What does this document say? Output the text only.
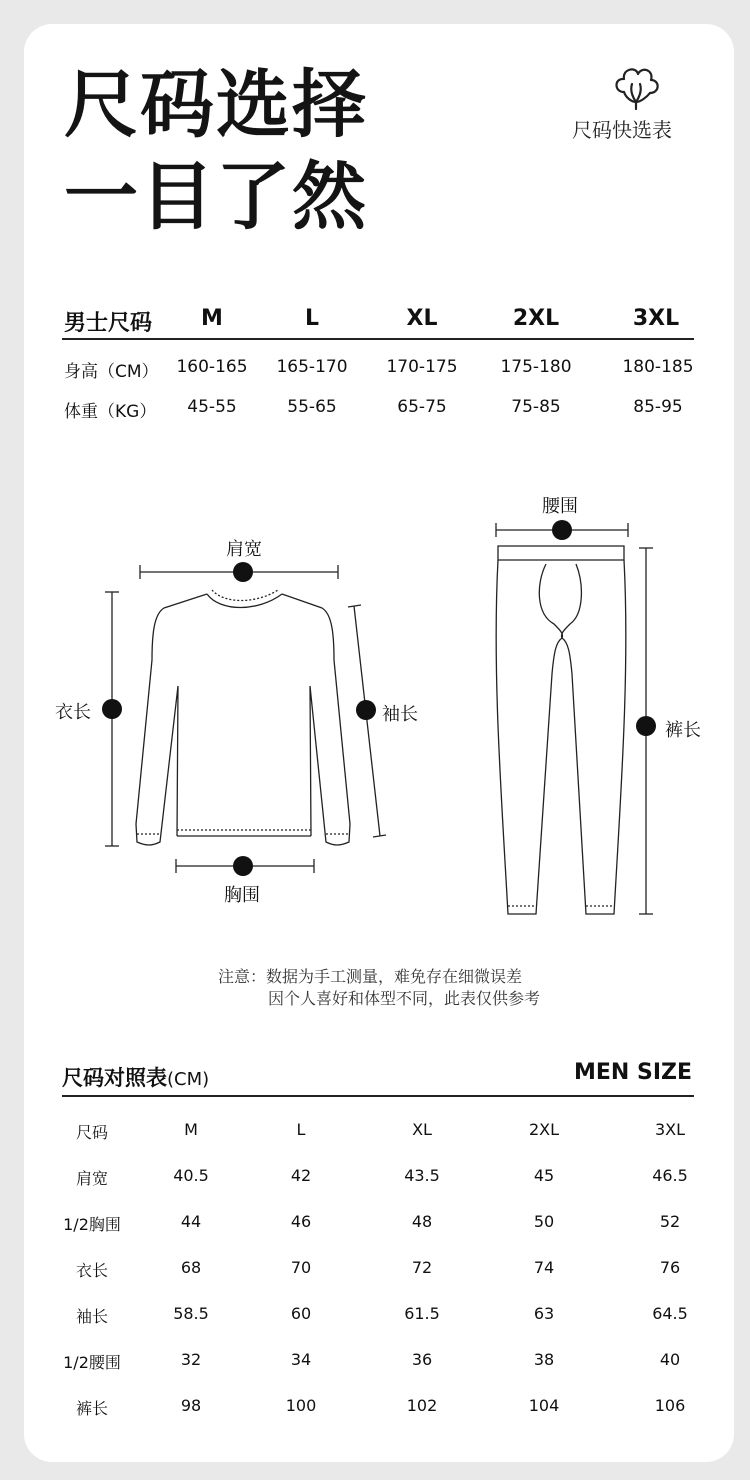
尺码选择
一目了然
尺码快选表
男士尺码 M	L	XL	2XL	3XL
身高（CM） 160-165 165-170 170-175	175-180	180-185
体重（KG） 45-55	55-65	65-75	75-85	85-95
肩宽
衣长	袖长
胸围
腰围
裤长
注意：数据为手工测量，难免存在细微误差
因个人喜好和体型不同，此表仅供参考
尺码对照表(CM)	MEN SIZE
尺码	M	L	XL	2XL	3XL
肩宽	40.5	42	43.5	45	46.5
1/2胸围	44	46	48	50	52
衣长	68	70	72	74	76
袖长	58.5	60	61.5	63	64.5
1/2腰围	32	34	36	38	40
裤长	98	100	102	104	106
